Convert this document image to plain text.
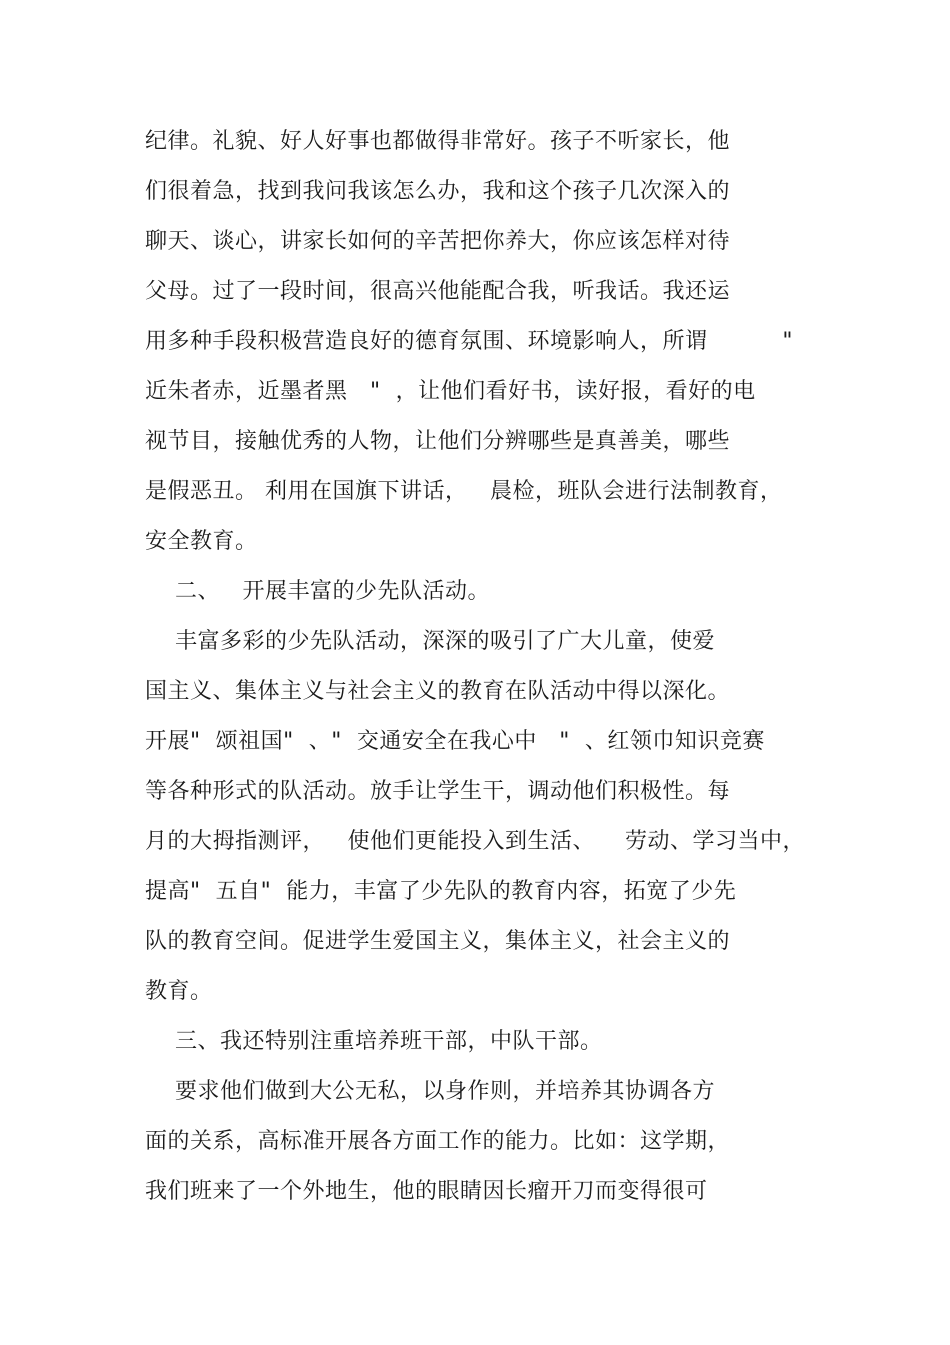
纪律。礼貌、好人好事也都做得非常好。孩子不听家长，他
们很着急，找到我问我该怎么办，我和这个孩子几次深入的
聊天、谈心，讲家长如何的辛苦把你养大，你应该怎样对待
父母。过了一段时间，很高兴他能配合我，听我话。我还运
用多种手段积极营造良好的德育氛围、环境影响人，所谓          "
近朱者赤，近墨者黑   "  ，让他们看好书，读好报，看好的电
视节目，接触优秀的人物，让他们分辨哪些是真善美，哪些
是假恶丑。 利用在国旗下讲话，   晨检，班队会进行法制教育，
安全教育。
二、   开展丰富的少先队活动。
丰富多彩的少先队活动，深深的吸引了广大儿童，使爱
国主义、集体主义与社会主义的教育在队活动中得以深化。
开展"  颂祖国"  、"  交通安全在我心中   "  、红领巾知识竞赛
等各种形式的队活动。放手让学生干，调动他们积极性。每
月的大拇指测评，   使他们更能投入到生活、    劳动、学习当中，
提高"  五自"  能力，丰富了少先队的教育内容，拓宽了少先
队的教育空间。促进学生爱国主义，集体主义，社会主义的
教育。
三、我还特别注重培养班干部，中队干部。
要求他们做到大公无私，以身作则，并培养其协调各方
面的关系，高标准开展各方面工作的能力。比如：这学期，
我们班来了一个外地生，他的眼睛因长瘤开刀而变得很可
